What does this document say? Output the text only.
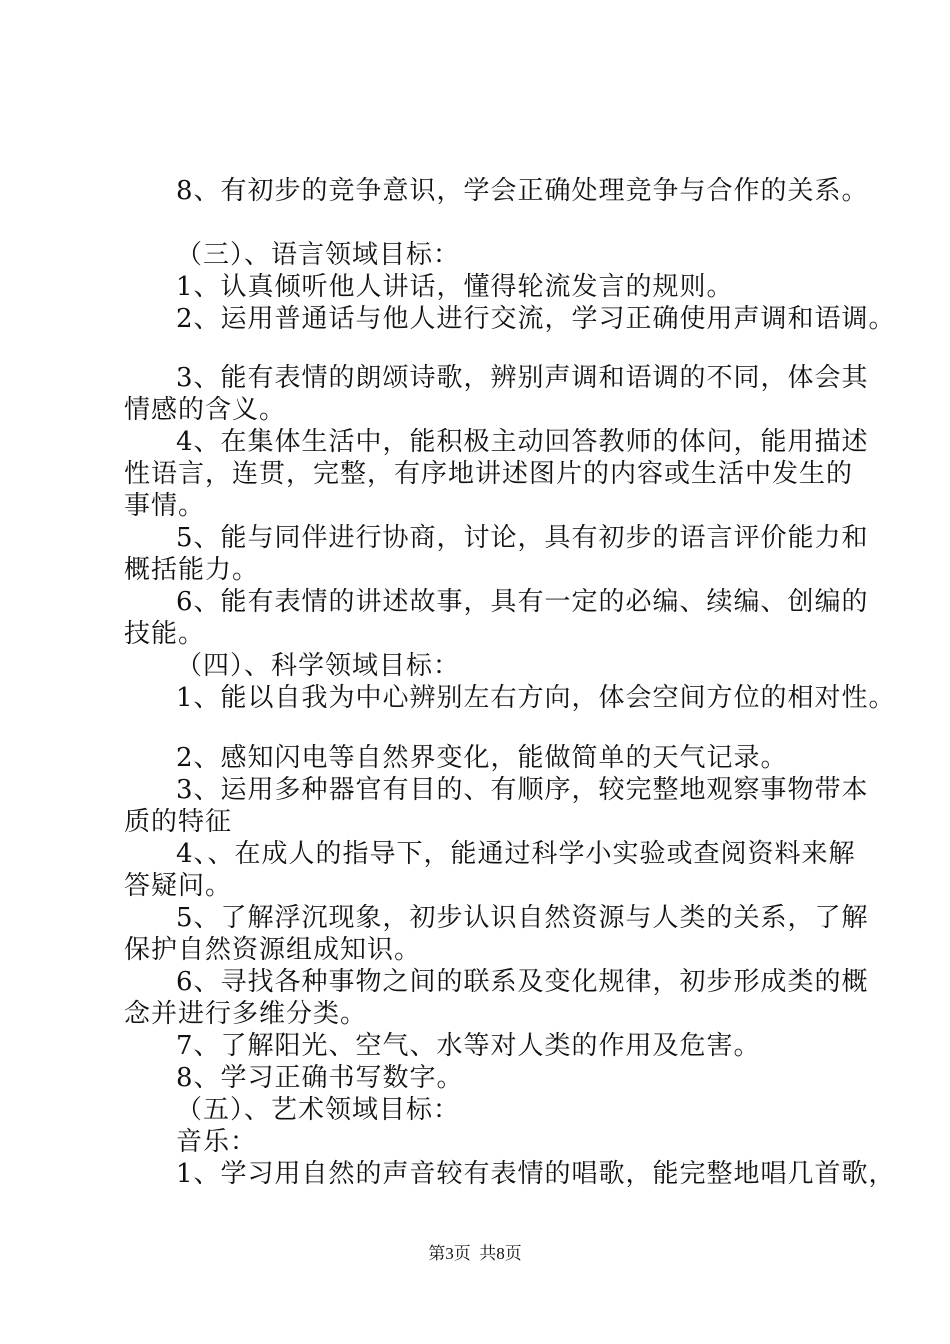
8、有初步的竞争意识，学会正确处理竞争与合作的关系。

（三）、语言领域目标：

1、认真倾听他人讲话，懂得轮流发言的规则。

2、运用普通话与他人进行交流，学习正确使用声调和语调。

3、能有表情的朗颂诗歌，辨别声调和语调的不同，体会其

情感的含义。

4、在集体生活中，能积极主动回答教师的体问，能用描述

性语言，连贯，完整，有序地讲述图片的内容或生活中发生的

事情。

5、能与同伴进行协商，讨论，具有初步的语言评价能力和

概括能力。

6、能有表情的讲述故事，具有一定的必编、续编、创编的

技能。

（四）、科学领域目标：

1、能以自我为中心辨别左右方向，体会空间方位的相对性。

2、感知闪电等自然界变化，能做简单的天气记录。

3、运用多种器官有目的、有顺序，较完整地观察事物带本

质的特征

4、、在成人的指导下，能通过科学小实验或查阅资料来解

答疑问。

5、了解浮沉现象，初步认识自然资源与人类的关系，了解

保护自然资源组成知识。

6、寻找各种事物之间的联系及变化规律，初步形成类的概

念并进行多维分类。

7、了解阳光、空气、水等对人类的作用及危害。

8、学习正确书写数字。

（五）、艺术领域目标：

音乐：

1、学习用自然的声音较有表情的唱歌，能完整地唱几首歌，

第3页 共8页
